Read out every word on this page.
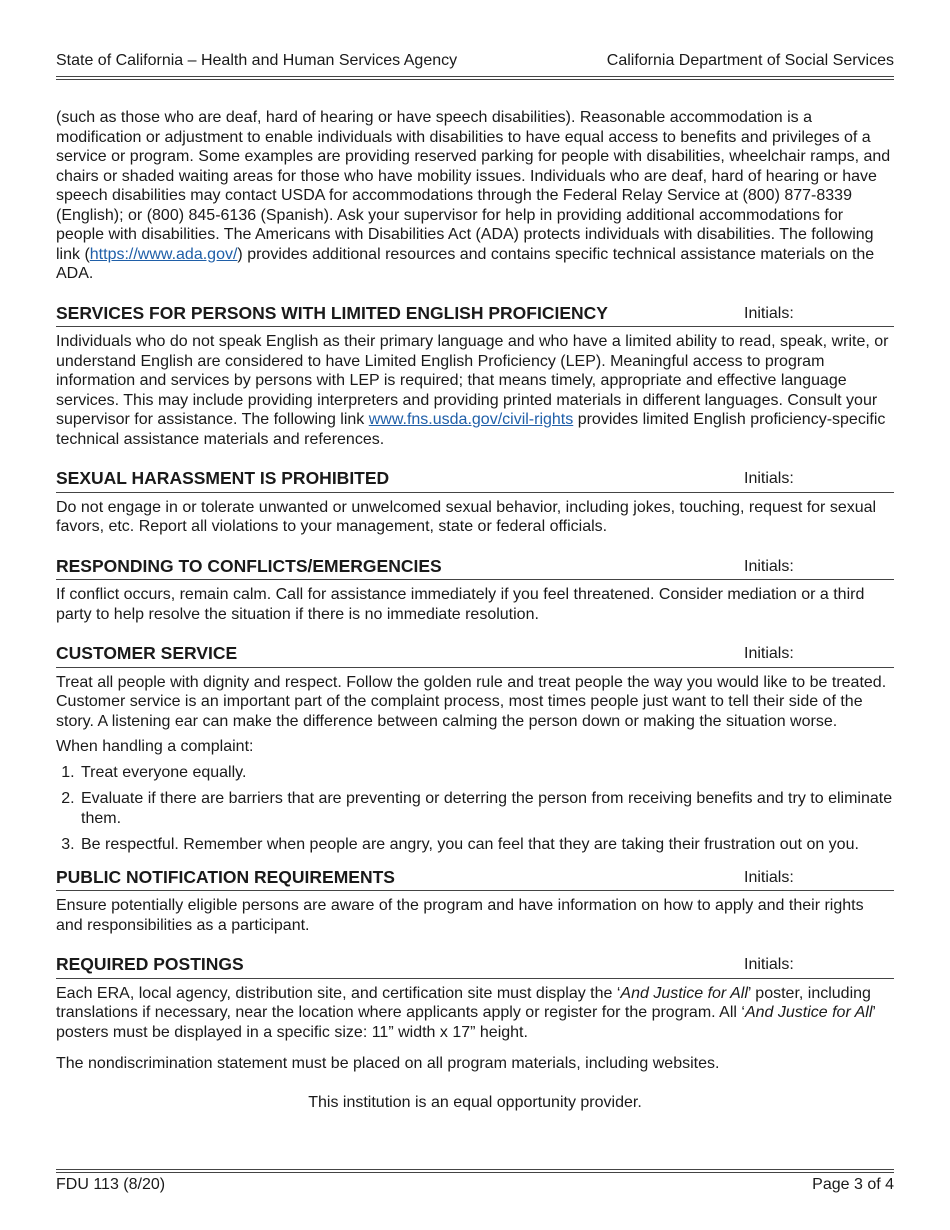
State of California – Health and Human Services Agency	California Department of Social Services

(such as those who are deaf, hard of hearing or have speech disabilities). Reasonable accommodation is a modification or adjustment to enable individuals with disabilities to have equal access to benefits and privileges of a service or program. Some examples are providing reserved parking for people with disabilities, wheelchair ramps, and chairs or shaded waiting areas for those who have mobility issues. Individuals who are deaf, hard of hearing or have speech disabilities may contact USDA for accommodations through the Federal Relay Service at (800) 877-8339 (English); or (800) 845-6136 (Spanish). Ask your supervisor for help in providing additional accommodations for people with disabilities. The Americans with Disabilities Act (ADA) protects individuals with disabilities. The following link (https://www.ada.gov/) provides additional resources and contains specific technical assistance materials on the ADA.

SERVICES FOR PERSONS WITH LIMITED ENGLISH PROFICIENCY	Initials:

Individuals who do not speak English as their primary language and who have a limited ability to read, speak, write, or understand English are considered to have Limited English Proficiency (LEP). Meaningful access to program information and services by persons with LEP is required; that means timely, appropriate and effective language services. This may include providing interpreters and providing printed materials in different languages. Consult your supervisor for assistance. The following link www.fns.usda.gov/civil-rights provides limited English proficiency-specific technical assistance materials and references.

SEXUAL HARASSMENT IS PROHIBITED	Initials:

Do not engage in or tolerate unwanted or unwelcomed sexual behavior, including jokes, touching, request for sexual favors, etc. Report all violations to your management, state or federal officials.

RESPONDING TO CONFLICTS/EMERGENCIES	Initials:

If conflict occurs, remain calm. Call for assistance immediately if you feel threatened. Consider mediation or a third party to help resolve the situation if there is no immediate resolution.

CUSTOMER SERVICE	Initials:

Treat all people with dignity and respect. Follow the golden rule and treat people the way you would like to be treated. Customer service is an important part of the complaint process, most times people just want to tell their side of the story. A listening ear can make the difference between calming the person down or making the situation worse.

When handling a complaint:

1. Treat everyone equally.
2. Evaluate if there are barriers that are preventing or deterring the person from receiving benefits and try to eliminate them.
3. Be respectful. Remember when people are angry, you can feel that they are taking their frustration out on you.
PUBLIC NOTIFICATION REQUIREMENTS	Initials:

Ensure potentially eligible persons are aware of the program and have information on how to apply and their rights and responsibilities as a participant.

REQUIRED POSTINGS	Initials:

Each ERA, local agency, distribution site, and certification site must display the ‘And Justice for All’ poster, including translations if necessary, near the location where applicants apply or register for the program. All ‘And Justice for All’ posters must be displayed in a specific size: 11” width x 17” height.

The nondiscrimination statement must be placed on all program materials, including websites.

This institution is an equal opportunity provider.

FDU 113 (8/20)	Page 3 of 4
